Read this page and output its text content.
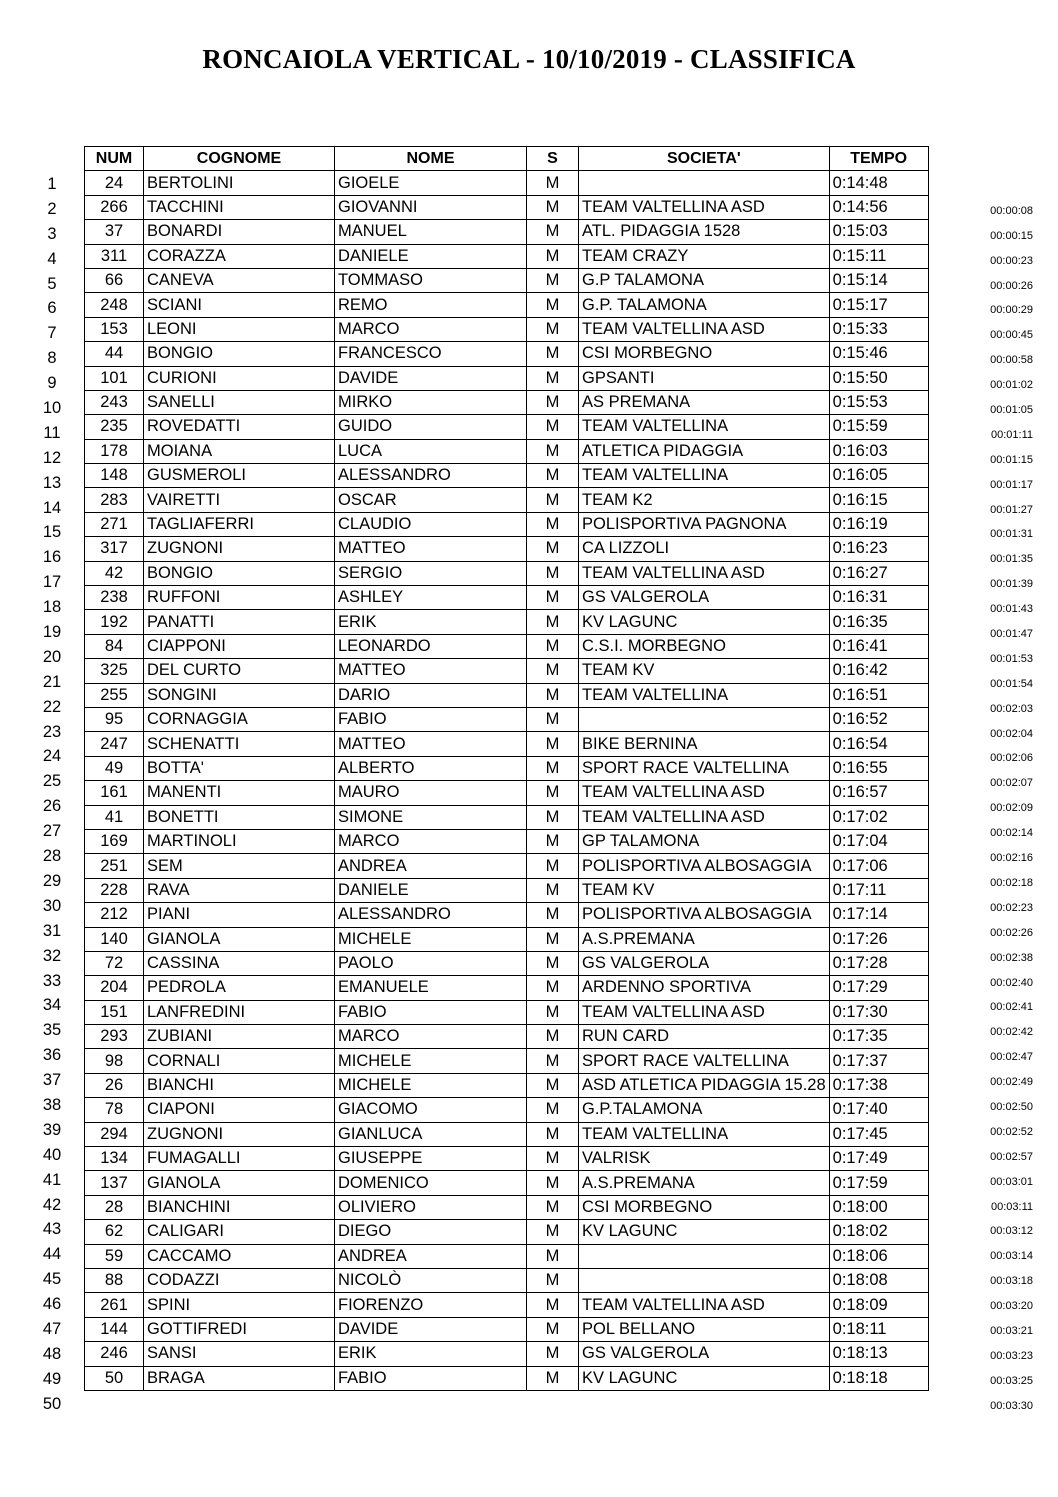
RONCAIOLA VERTICAL - 10/10/2019 - CLASSIFICA
NUM	COGNOME	NOME	S	SOCIETA'	TEMPO
24	BERTOLINI	GIOELE	M		0:14:48
266	TACCHINI	GIOVANNI	M	TEAM VALTELLINA ASD	0:14:56
37	BONARDI	MANUEL	M	ATL. PIDAGGIA 1528	0:15:03
311	CORAZZA	DANIELE	M	TEAM CRAZY	0:15:11
66	CANEVA	TOMMASO	M	G.P TALAMONA	0:15:14
248	SCIANI	REMO	M	G.P. TALAMONA	0:15:17
153	LEONI	MARCO	M	TEAM VALTELLINA ASD	0:15:33
44	BONGIO	FRANCESCO	M	CSI MORBEGNO	0:15:46
101	CURIONI	DAVIDE	M	GPSANTI	0:15:50
243	SANELLI	MIRKO	M	AS PREMANA	0:15:53
235	ROVEDATTI	GUIDO	M	TEAM VALTELLINA	0:15:59
178	MOIANA	LUCA	M	ATLETICA PIDAGGIA	0:16:03
148	GUSMEROLI	ALESSANDRO	M	TEAM VALTELLINA	0:16:05
283	VAIRETTI	OSCAR	M	TEAM K2	0:16:15
271	TAGLIAFERRI	CLAUDIO	M	POLISPORTIVA PAGNONA	0:16:19
317	ZUGNONI	MATTEO	M	CA LIZZOLI	0:16:23
42	BONGIO	SERGIO	M	TEAM VALTELLINA ASD	0:16:27
238	RUFFONI	ASHLEY	M	GS VALGEROLA	0:16:31
192	PANATTI	ERIK	M	KV LAGUNC	0:16:35
84	CIAPPONI	LEONARDO	M	C.S.I. MORBEGNO	0:16:41
325	DEL CURTO	MATTEO	M	TEAM KV	0:16:42
255	SONGINI	DARIO	M	TEAM VALTELLINA	0:16:51
95	CORNAGGIA	FABIO	M		0:16:52
247	SCHENATTI	MATTEO	M	BIKE BERNINA	0:16:54
49	BOTTA'	ALBERTO	M	SPORT RACE VALTELLINA	0:16:55
161	MANENTI	MAURO	M	TEAM VALTELLINA ASD	0:16:57
41	BONETTI	SIMONE	M	TEAM VALTELLINA ASD	0:17:02
169	MARTINOLI	MARCO	M	GP TALAMONA	0:17:04
251	SEM	ANDREA	M	POLISPORTIVA ALBOSAGGIA	0:17:06
228	RAVA	DANIELE	M	TEAM KV	0:17:11
212	PIANI	ALESSANDRO	M	POLISPORTIVA ALBOSAGGIA	0:17:14
140	GIANOLA	MICHELE	M	A.S.PREMANA	0:17:26
72	CASSINA	PAOLO	M	GS VALGEROLA	0:17:28
204	PEDROLA	EMANUELE	M	ARDENNO SPORTIVA	0:17:29
151	LANFREDINI	FABIO	M	TEAM VALTELLINA ASD	0:17:30
293	ZUBIANI	MARCO	M	RUN CARD	0:17:35
98	CORNALI	MICHELE	M	SPORT RACE VALTELLINA	0:17:37
26	BIANCHI	MICHELE	M	ASD ATLETICA PIDAGGIA 15.28	0:17:38
78	CIAPONI	GIACOMO	M	G.P.TALAMONA	0:17:40
294	ZUGNONI	GIANLUCA	M	TEAM VALTELLINA	0:17:45
134	FUMAGALLI	GIUSEPPE	M	VALRISK	0:17:49
137	GIANOLA	DOMENICO	M	A.S.PREMANA	0:17:59
28	BIANCHINI	OLIVIERO	M	CSI MORBEGNO	0:18:00
62	CALIGARI	DIEGO	M	KV LAGUNC	0:18:02
59	CACCAMO	ANDREA	M		0:18:06
88	CODAZZI	NICOLÒ	M		0:18:08
261	SPINI	FIORENZO	M	TEAM VALTELLINA ASD	0:18:09
144	GOTTIFREDI	DAVIDE	M	POL BELLANO	0:18:11
246	SANSI	ERIK	M	GS VALGEROLA	0:18:13
50	BRAGA	FABIO	M	KV LAGUNC	0:18:18
1
2
3
4
5
6
7
8
9
10
11
12
13
14
15
16
17
18
19
20
21
22
23
24
25
26
27
28
29
30
31
32
33
34
35
36
37
38
39
40
41
42
43
44
45
46
47
48
49
50
00:00:08
00:00:15
00:00:23
00:00:26
00:00:29
00:00:45
00:00:58
00:01:02
00:01:05
00:01:11
00:01:15
00:01:17
00:01:27
00:01:31
00:01:35
00:01:39
00:01:43
00:01:47
00:01:53
00:01:54
00:02:03
00:02:04
00:02:06
00:02:07
00:02:09
00:02:14
00:02:16
00:02:18
00:02:23
00:02:26
00:02:38
00:02:40
00:02:41
00:02:42
00:02:47
00:02:49
00:02:50
00:02:52
00:02:57
00:03:01
00:03:11
00:03:12
00:03:14
00:03:18
00:03:20
00:03:21
00:03:23
00:03:25
00:03:30
